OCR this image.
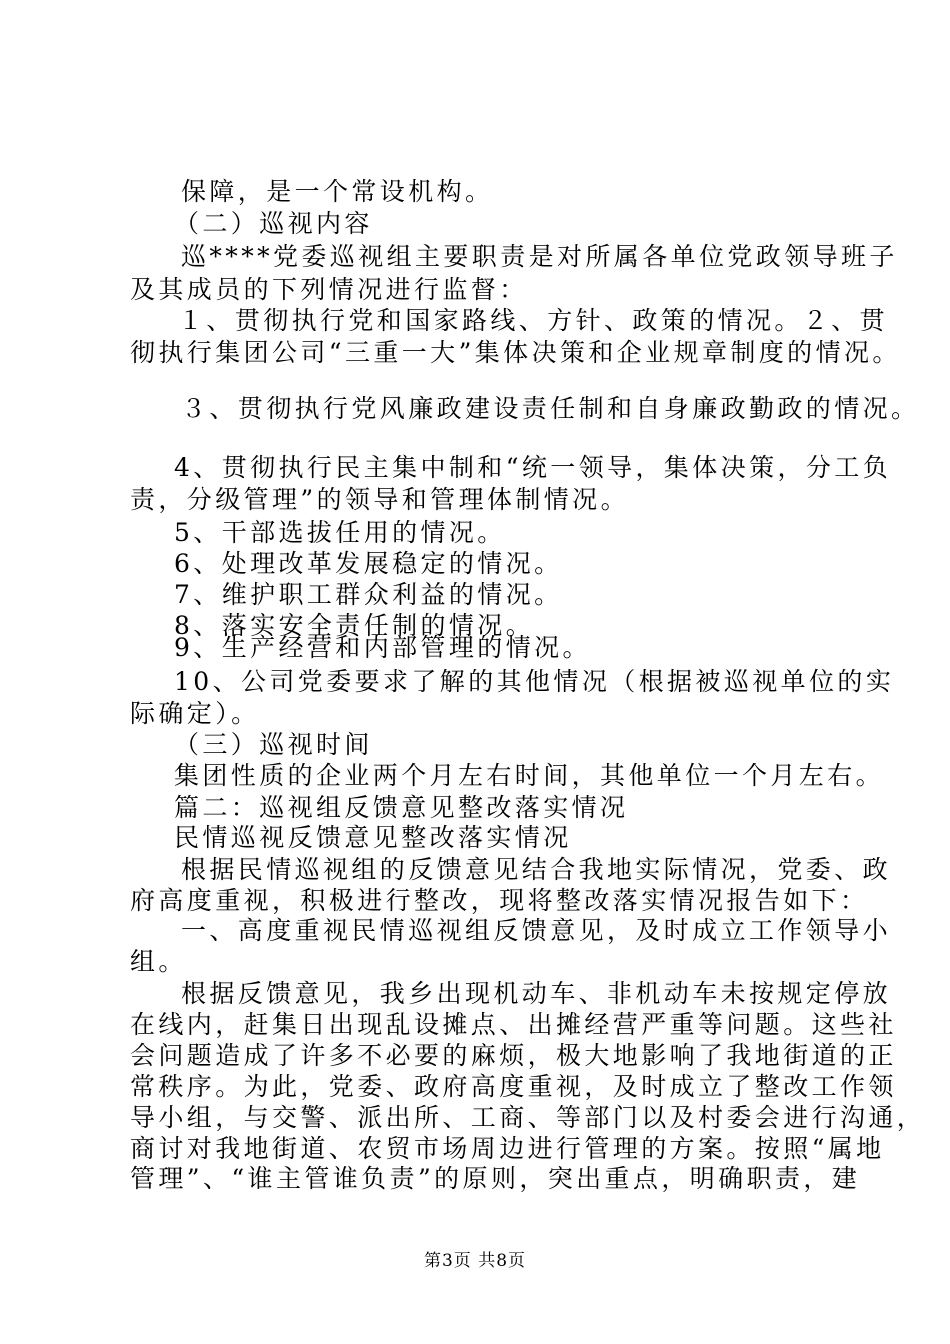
保障，是一个常设机构。
（二）巡视内容
巡****党委巡视组主要职责是对所属各单位党政领导班子
及其成员的下列情况进行监督：
１、贯彻执行党和国家路线、方针、政策的情况。２、贯
彻执行集团公司“三重一大”集体决策和企业规章制度的情况。
３、贯彻执行党风廉政建设责任制和自身廉政勤政的情况。
4、贯彻执行民主集中制和“统一领导，集体决策，分工负
责，分级管理”的领导和管理体制情况。
5、干部选拔任用的情况。
6、处理改革发展稳定的情况。
7、维护职工群众利益的情况。
8、落实安全责任制的情况。
9、生产经营和内部管理的情况。
10、公司党委要求了解的其他情况（根据被巡视单位的实
际确定）。
（三）巡视时间
集团性质的企业两个月左右时间，其他单位一个月左右。
篇二：巡视组反馈意见整改落实情况
民情巡视反馈意见整改落实情况
根据民情巡视组的反馈意见结合我地实际情况，党委、政
府高度重视，积极进行整改，现将整改落实情况报告如下：
一、高度重视民情巡视组反馈意见，及时成立工作领导小
组。
根据反馈意见，我乡出现机动车、非机动车未按规定停放
在线内，赶集日出现乱设摊点、出摊经营严重等问题。这些社
会问题造成了许多不必要的麻烦，极大地影响了我地街道的正
常秩序。为此，党委、政府高度重视，及时成立了整改工作领
导小组，与交警、派出所、工商、等部门以及村委会进行沟通，
商讨对我地街道、农贸市场周边进行管理的方案。按照“属地
管理”、“谁主管谁负责”的原则，突出重点，明确职责，建
第3页 共8页
